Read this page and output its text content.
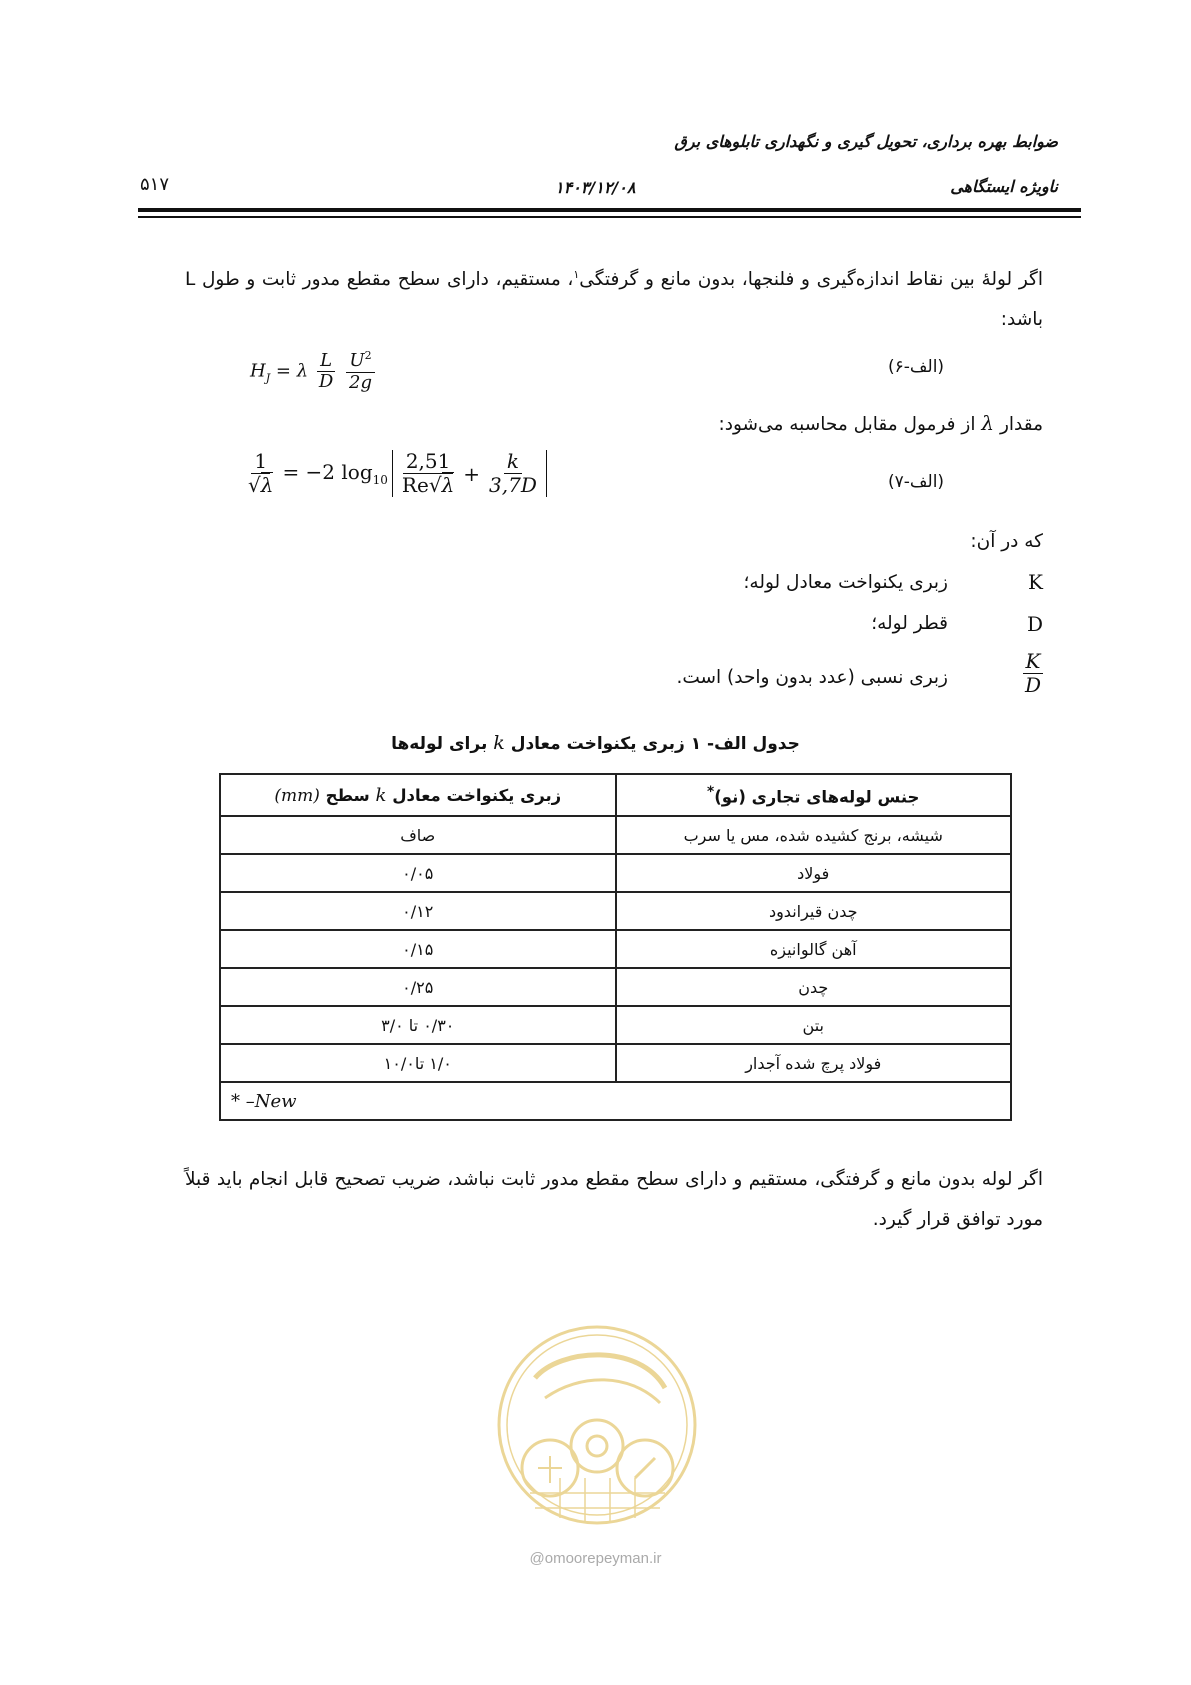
ضوابط بهره برداری، تحویل گیری و نگهداری تابلوهای برق
ناویژه ایستگاهی
۱۴۰۳/۱۲/۰۸
۵۱۷
اگر لولهٔ بین نقاط اندازه‌گیری و فلنجها، بدون مانع و گرفتگی$^۱$، مستقیم، دارای سطح مقطع مدور ثابت و طول L باشد:
$H_J = \lambda \frac{L}{D}$
$\frac{U^2}{2g}$	(الف-۶)
مقدار λ از فرمول مقابل محاسبه می‌شود:
$\frac{1}{√\lambda} = -2$ $\log_{10} \frac{2,51}{Re√\lambda} + \frac{k}{3,7D}$	(الف-۷)
که در آن:
K
زبری یکنواخت معادل لوله؛
D
قطر لوله؛
$\frac{K}{D}$
زبری نسبی (عدد بدون واحد) است.
جدول الف- ۱ زبری یکنواخت معادل k برای لوله‌ها
جنس لوله‌های تجاری (نو)*	زبری یکنواخت معادل k سطح (mm)
شیشه، برنج کشیده شده، مس یا سرب	صاف
فولاد	۰/۰۵
چدن قیراندود	۰/۱۲
آهن گالوانیزه	۰/۱۵
چدن	۰/۲۵
بتن	۰/۳۰ تا ۳/۰
فولاد پرچ شده آجدار	۱/۰ تا۱۰/۰
* –New	
اگر لوله بدون مانع و گرفتگی، مستقیم و دارای سطح مقطع مدور ثابت نباشد، ضریب تصحیح قابل انجام باید قبلاً مورد توافق قرار گیرد.
@omoorepeyman.ir
